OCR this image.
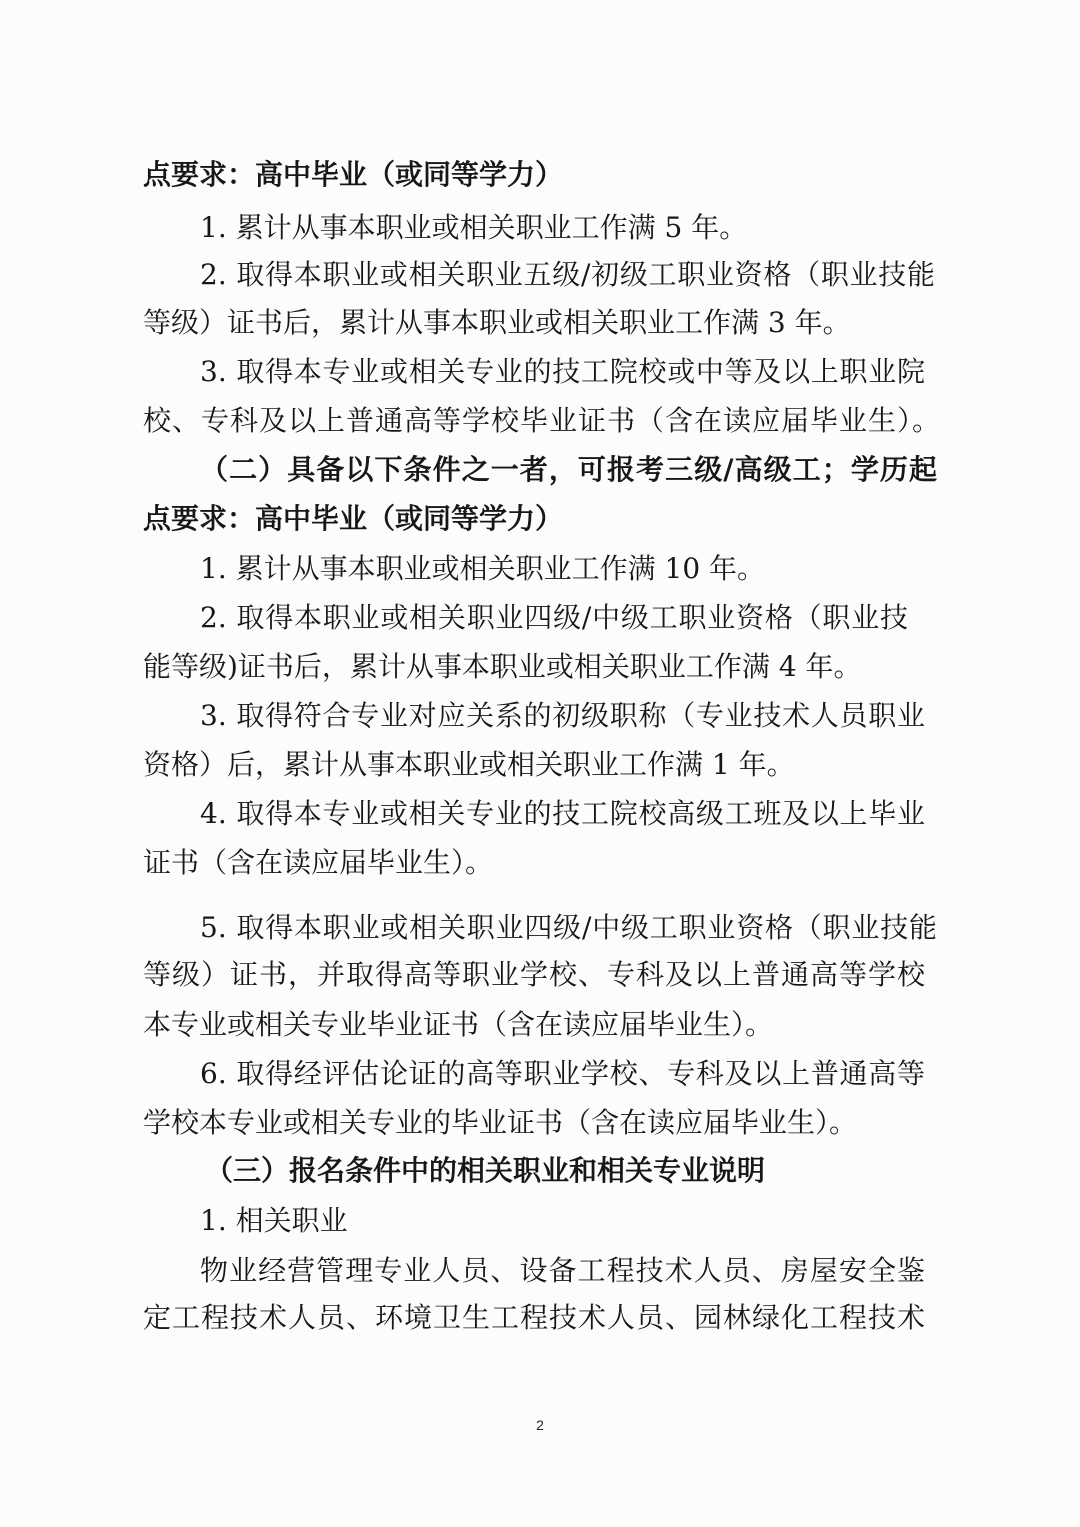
点要求：高中毕业（或同等学力）
1. 累计从事本职业或相关职业工作满 5 年。
2. 取得本职业或相关职业五级/初级工职业资格（职业技能
等级）证书后，累计从事本职业或相关职业工作满 3 年。
3. 取得本专业或相关专业的技工院校或中等及以上职业院
校、专科及以上普通高等学校毕业证书（含在读应届毕业生）。
（二）具备以下条件之一者，可报考三级/高级工；学历起
点要求：高中毕业（或同等学力）
1. 累计从事本职业或相关职业工作满 10 年。
2. 取得本职业或相关职业四级/中级工职业资格（职业技
能等级)证书后，累计从事本职业或相关职业工作满 4 年。
3. 取得符合专业对应关系的初级职称（专业技术人员职业
资格）后，累计从事本职业或相关职业工作满 1 年。
4. 取得本专业或相关专业的技工院校高级工班及以上毕业
证书（含在读应届毕业生）。
5. 取得本职业或相关职业四级/中级工职业资格（职业技能
等级）证书，并取得高等职业学校、专科及以上普通高等学校
本专业或相关专业毕业证书（含在读应届毕业生）。
6. 取得经评估论证的高等职业学校、专科及以上普通高等
学校本专业或相关专业的毕业证书（含在读应届毕业生）。
（三）报名条件中的相关职业和相关专业说明
1. 相关职业
物业经营管理专业人员、设备工程技术人员、房屋安全鉴
定工程技术人员、环境卫生工程技术人员、园林绿化工程技术
2
